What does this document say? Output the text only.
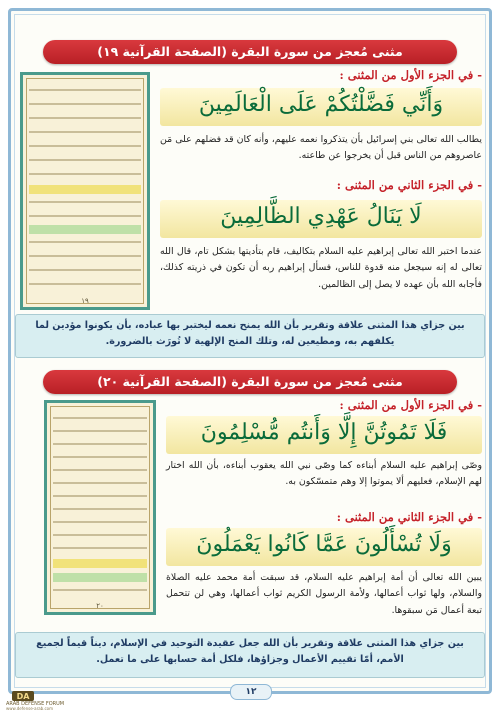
مثنى مُعجز من سورة البقرة (الصفحة القرآنية ١٩)
١٩
- في الجزء الأول من المثنى :
وَأَنِّي فَضَّلْتُكُمْ عَلَى الْعَالَمِينَ
يطالب الله تعالى بني إسرائيل بأن يتذكروا نعمه عليهم، وأنه كان قد فضلهم على مَن عاصروهم من الناس قبل أن يخرجوا عن طاعته.
- في الجزء الثاني من المثنى :
لَا يَنَالُ عَهْدِي الظَّالِمِينَ
عندما اختبر الله تعالى إبراهيم عليه السلام بتكاليف، قام بتأديتها بشكل تام، قال الله تعالى له إنه سيجعل منه قدوة للناس، فسأل إبراهيم ربه أن تكون في ذريته كذلك، فأجابه الله بأن عهده لا يصل إلى الظالمين.
بين جزاي هذا المثنى علاقة وتقرير بأن الله يمنح نعمه ليختبر بها عباده، بأن يكونوا مؤدين لما يكلفهم به، ومطيعين له، وتلك المنح الإلهية لا تُورَث بالضرورة.
مثنى مُعجز من سورة البقرة (الصفحة القرآنية ٢٠)
٢٠
- في الجزء الأول من المثنى :
فَلَا تَمُوتُنَّ إِلَّا وَأَنتُم مُّسْلِمُونَ
وصّى إبراهيم عليه السلام أبناءه كما وصّى نبي الله يعقوب أبناءه، بأن الله اختار لهم الإسلام، فعليهم ألا يموتوا إلا وهم متمسّكون به.
- في الجزء الثاني من المثنى :
وَلَا تُسْأَلُونَ عَمَّا كَانُوا يَعْمَلُونَ
يبين الله تعالى أن أمة إبراهيم عليه السلام، قد سبقت أمة محمد عليه الصلاة والسلام، ولها ثواب أعمالها، ولأمة الرسول الكريم ثواب أعمالها، وهي لن تتحمل تبعة أعمال مَن سبقوها.
بين جزاي هذا المثنى علاقة وتقرير بأن الله جعل عقيدة التوحيد في الإسلام، ديناً قيماً لجميع الأمم، أمّا تقييم الأعمال وجزاؤها، فلكل أمة حسابها على ما تعمل.
١٢
DA
ARAB DEFENSE FORUM
www.defense-arab.com
